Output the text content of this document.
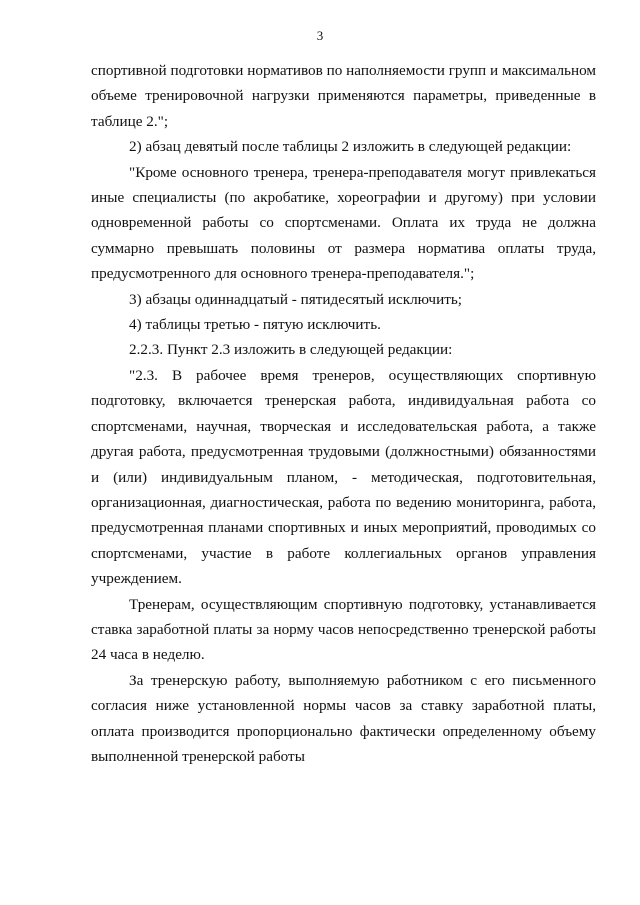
3

спортивной подготовки нормативов по наполняемости групп и максимальном объеме тренировочной нагрузки применяются параметры, приведенные в таблице 2.";

2) абзац девятый после таблицы 2 изложить в следующей редакции:

"Кроме основного тренера, тренера-преподавателя могут привлекаться иные специалисты (по акробатике, хореографии и другому) при условии одновременной работы со спортсменами. Оплата их труда не должна суммарно превышать половины от размера норматива оплаты труда, предусмотренного для основного тренера-преподавателя.";

3) абзацы одиннадцатый - пятидесятый исключить;

4) таблицы третью - пятую исключить.

2.2.3. Пункт 2.3 изложить в следующей редакции:

"2.3. В рабочее время тренеров, осуществляющих спортивную подготовку, включается тренерская работа, индивидуальная работа со спортсменами, научная, творческая и исследовательская работа, а также другая работа, предусмотренная трудовыми (должностными) обязанностями и (или) индивидуальным планом, - методическая, подготовительная, организационная, диагностическая, работа по ведению мониторинга, работа, предусмотренная планами спортивных и иных мероприятий, проводимых со спортсменами, участие в работе коллегиальных органов управления учреждением.

Тренерам, осуществляющим спортивную подготовку, устанавливается ставка заработной платы за норму часов непосредственно тренерской работы 24 часа в неделю.

За тренерскую работу, выполняемую работником с его письменного согласия ниже установленной нормы часов за ставку заработной платы, оплата производится пропорционально фактически определенному объему выполненной тренерской работы
